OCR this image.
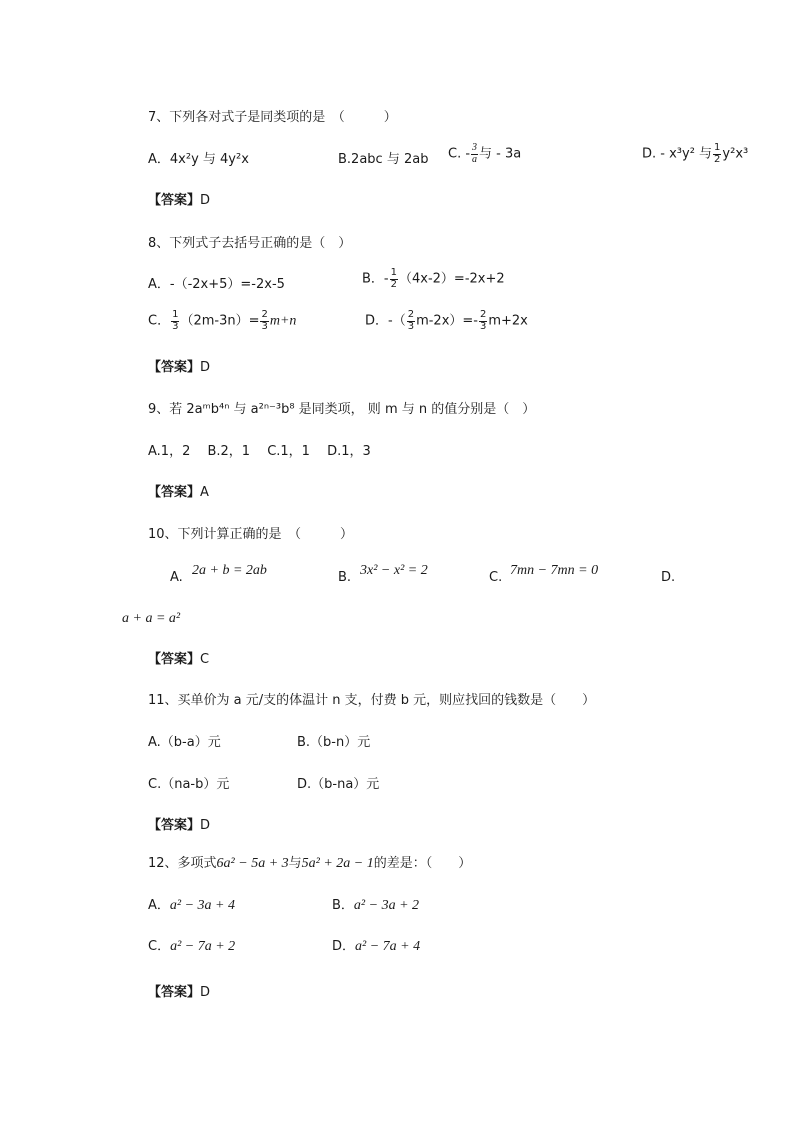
7、下列各对式子是同类项的是　（　　　）
A．4x²y 与 4y²x	B.2abc 与 2ab C. - $\frac{3}{a}$ 与 - 3a	D. - x³y² 与 $\frac{1}{2} y^2x^3$
【答案】D
8、下列式子去括号正确的是（　）
A．-（-2x+5）=-2x-5	B．- $\frac{1}{2} (4x-2)=-2x+2$
C． $\frac{1}{3} (2m-3n)= \frac{2}{3} m+n$	D．-（ $\frac{2}{3} m-2x)=- \frac{2}{3} m+2x$
【答案】D
9、若 2aᵐb⁴ⁿ 与 a²ⁿ⁻³b⁸ 是同类项， 则 m 与 n 的值分别是（　）
A.1，2　 B.2，1　 C.1，1　 D.1，3
【答案】A
10、下列计算正确的是　（　　　）
A. 2a + b = 2ab	B. 3x² − x² = 2	C. 7mn − 7mn = 0	D.
a + a = a²
【答案】C
11、买单价为 a 元/支的体温计 n 支，付费 b 元，则应找回的钱数是（　　）
A.（b-a）元	B.（b-n）元
C.（na-b）元	D.（b-na）元
【答案】D
12、多项式6a² − 5a + 3与5a² + 2a − 1的差是：（　　）
A．a² − 3a + 4	B．a² − 3a + 2
C．a² − 7a + 2	D．a² − 7a + 4
【答案】D
